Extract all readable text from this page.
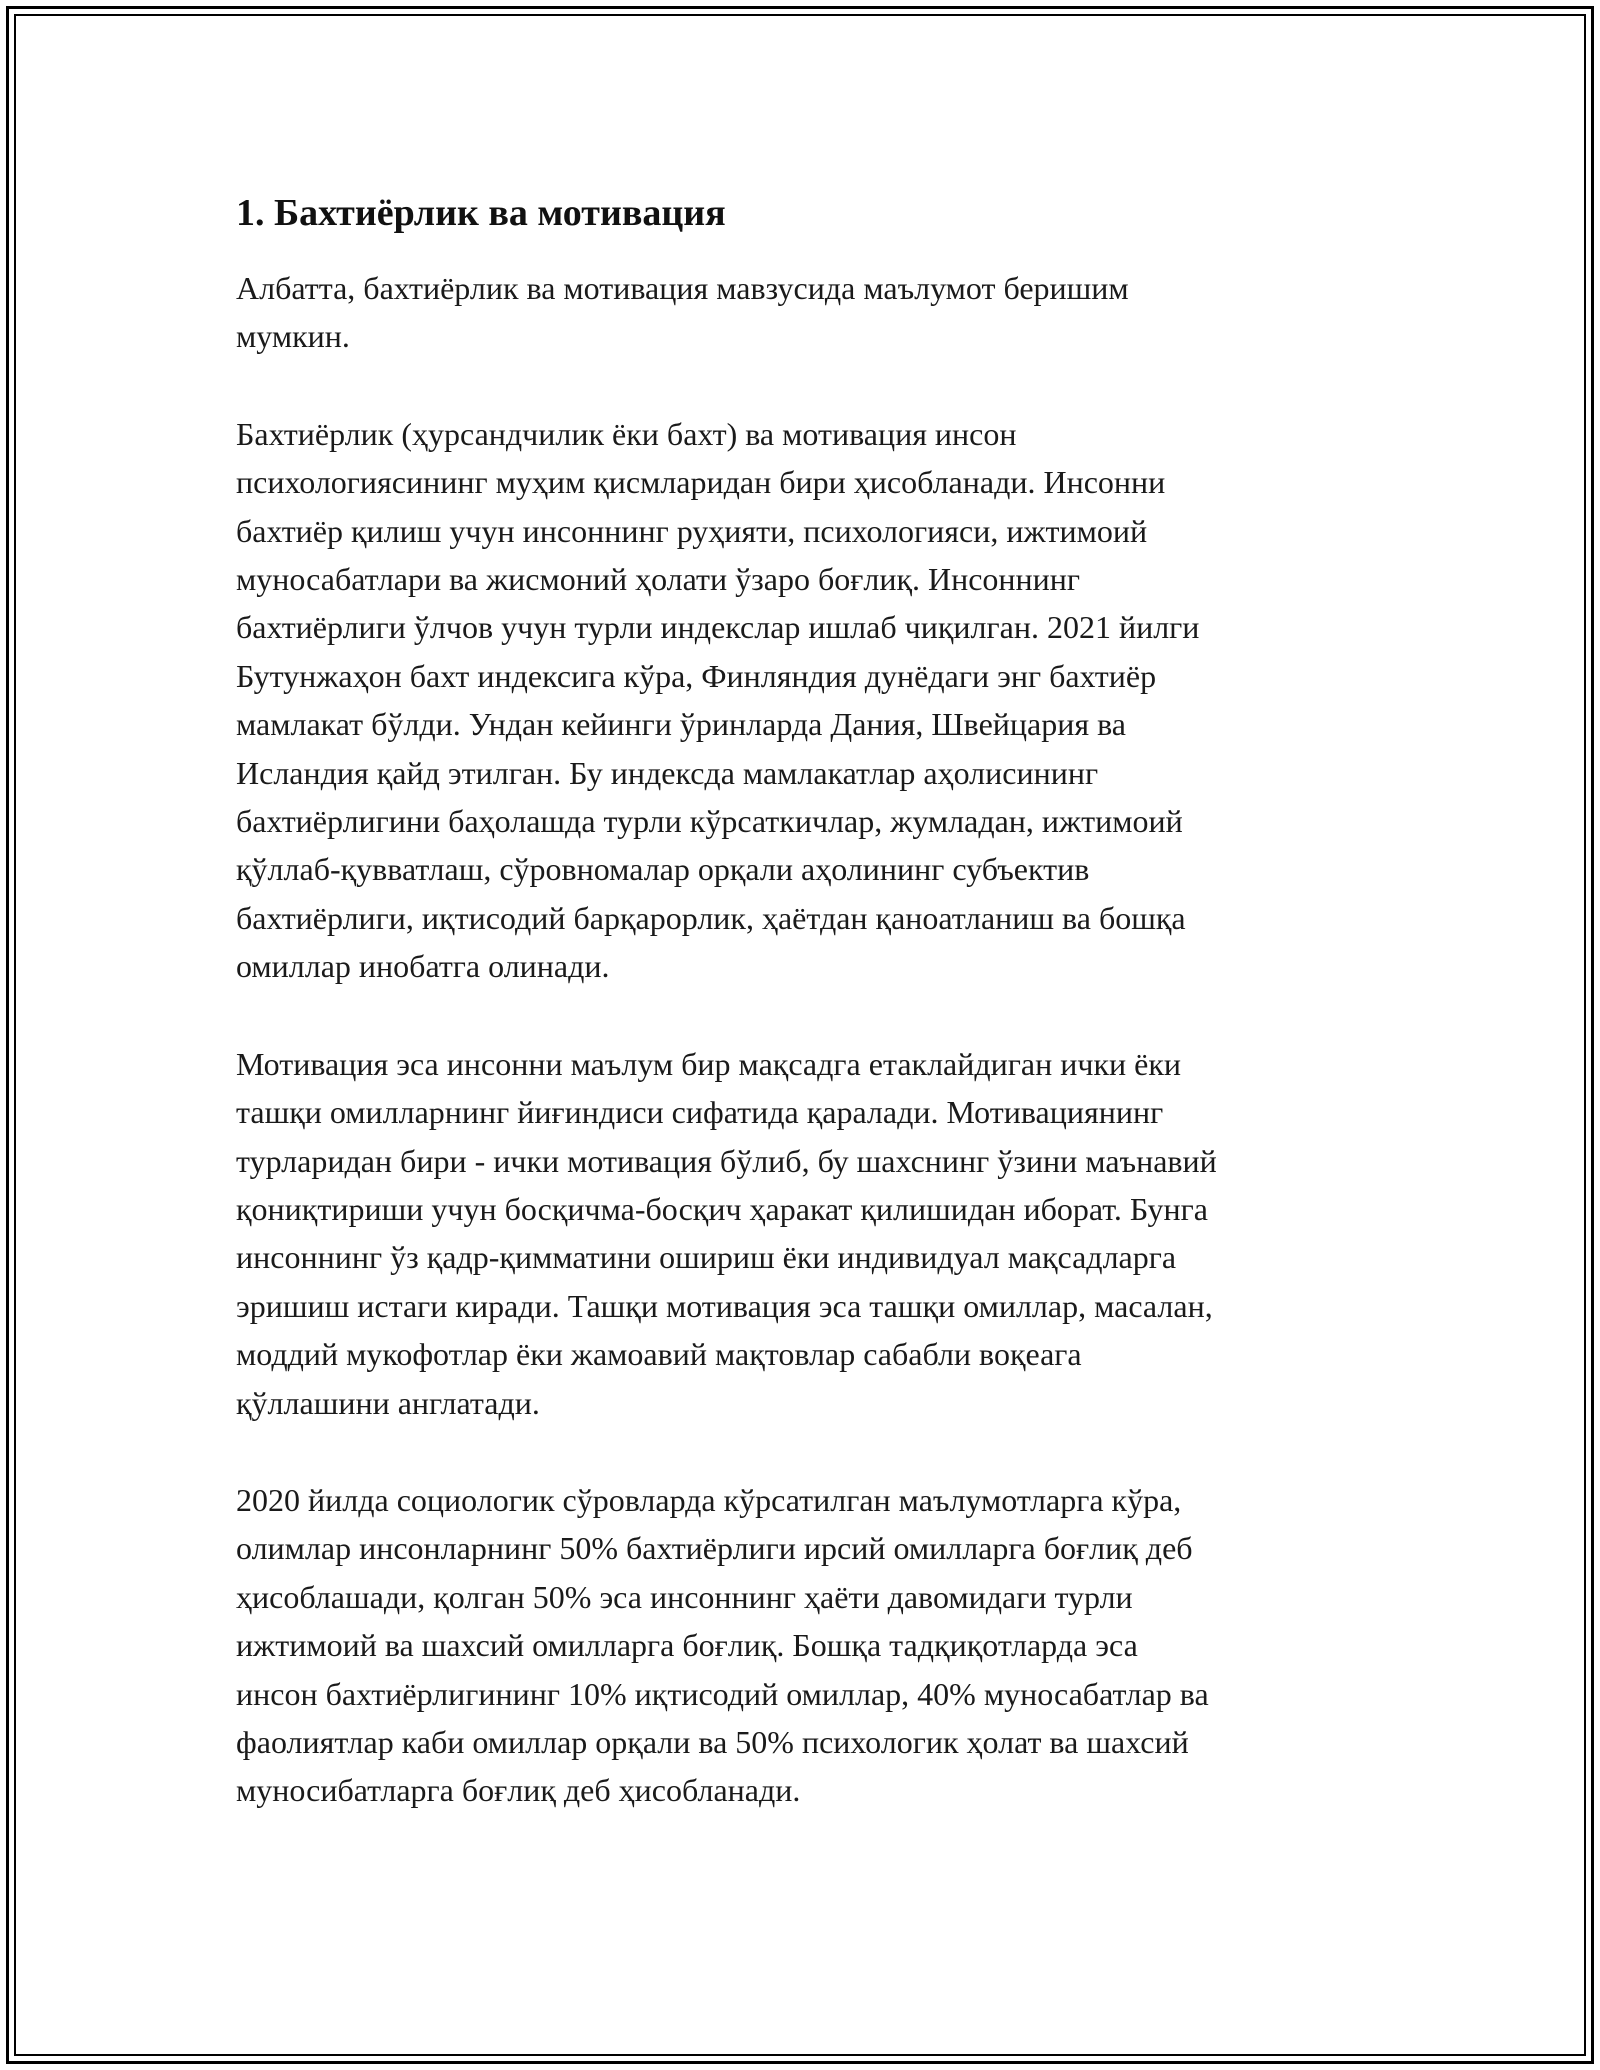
1. Бахтиёрлик ва мотивация

Албатта, бахтиёрлик ва мотивация мавзусида маълумот беришим
мумкин.

Бахтиёрлик (ҳурсандчилик ёки бахт) ва мотивация инсон
психологиясининг муҳим қисмларидан бири ҳисобланади. Инсонни
бахтиёр қилиш учун инсоннинг руҳияти, психологияси, ижтимоий
муносабатлари ва жисмоний ҳолати ўзаро боғлиқ. Инсоннинг
бахтиёрлиги ўлчов учун турли индекслар ишлаб чиқилган. 2021 йилги
Бутунжаҳон бахт индексига кўра, Финляндия дунёдаги энг бахтиёр
мамлакат бўлди. Ундан кейинги ўринларда Дания, Швейцария ва
Исландия қайд этилган. Бу индексда мамлакатлар аҳолисининг
бахтиёрлигини баҳолашда турли кўрсаткичлар, жумладан, ижтимоий
қўллаб-қувватлаш, сўровномалар орқали аҳолининг субъектив
бахтиёрлиги, иқтисодий барқарорлик, ҳаётдан қаноатланиш ва бошқа
омиллар инобатга олинади.

Мотивация эса инсонни маълум бир мақсадга етаклайдиган ички ёки
ташқи омилларнинг йиғиндиси сифатида қаралади. Мотивациянинг
турларидан бири - ички мотивация бўлиб, бу шахснинг ўзини маънавий
қониқтириши учун босқичма-босқич ҳаракат қилишидан иборат. Бунга
инсоннинг ўз қадр-қимматини ошириш ёки индивидуал мақсадларга
эришиш истаги киради. Ташқи мотивация эса ташқи омиллар, масалан,
моддий мукофотлар ёки жамоавий мақтовлар сабабли воқеага
қўллашини англатади.

2020 йилда социологик сўровларда кўрсатилган маълумотларга кўра,
олимлар инсонларнинг 50% бахтиёрлиги ирсий омилларга боғлиқ деб
ҳисоблашади, қолган 50% эса инсоннинг ҳаёти давомидаги турли
ижтимоий ва шахсий омилларга боғлиқ. Бошқа тадқиқотларда эса
инсон бахтиёрлигининг 10% иқтисодий омиллар, 40% муносабатлар ва
фаолиятлар каби омиллар орқали ва 50% психологик ҳолат ва шахсий
муносибатларга боғлиқ деб ҳисобланади.
